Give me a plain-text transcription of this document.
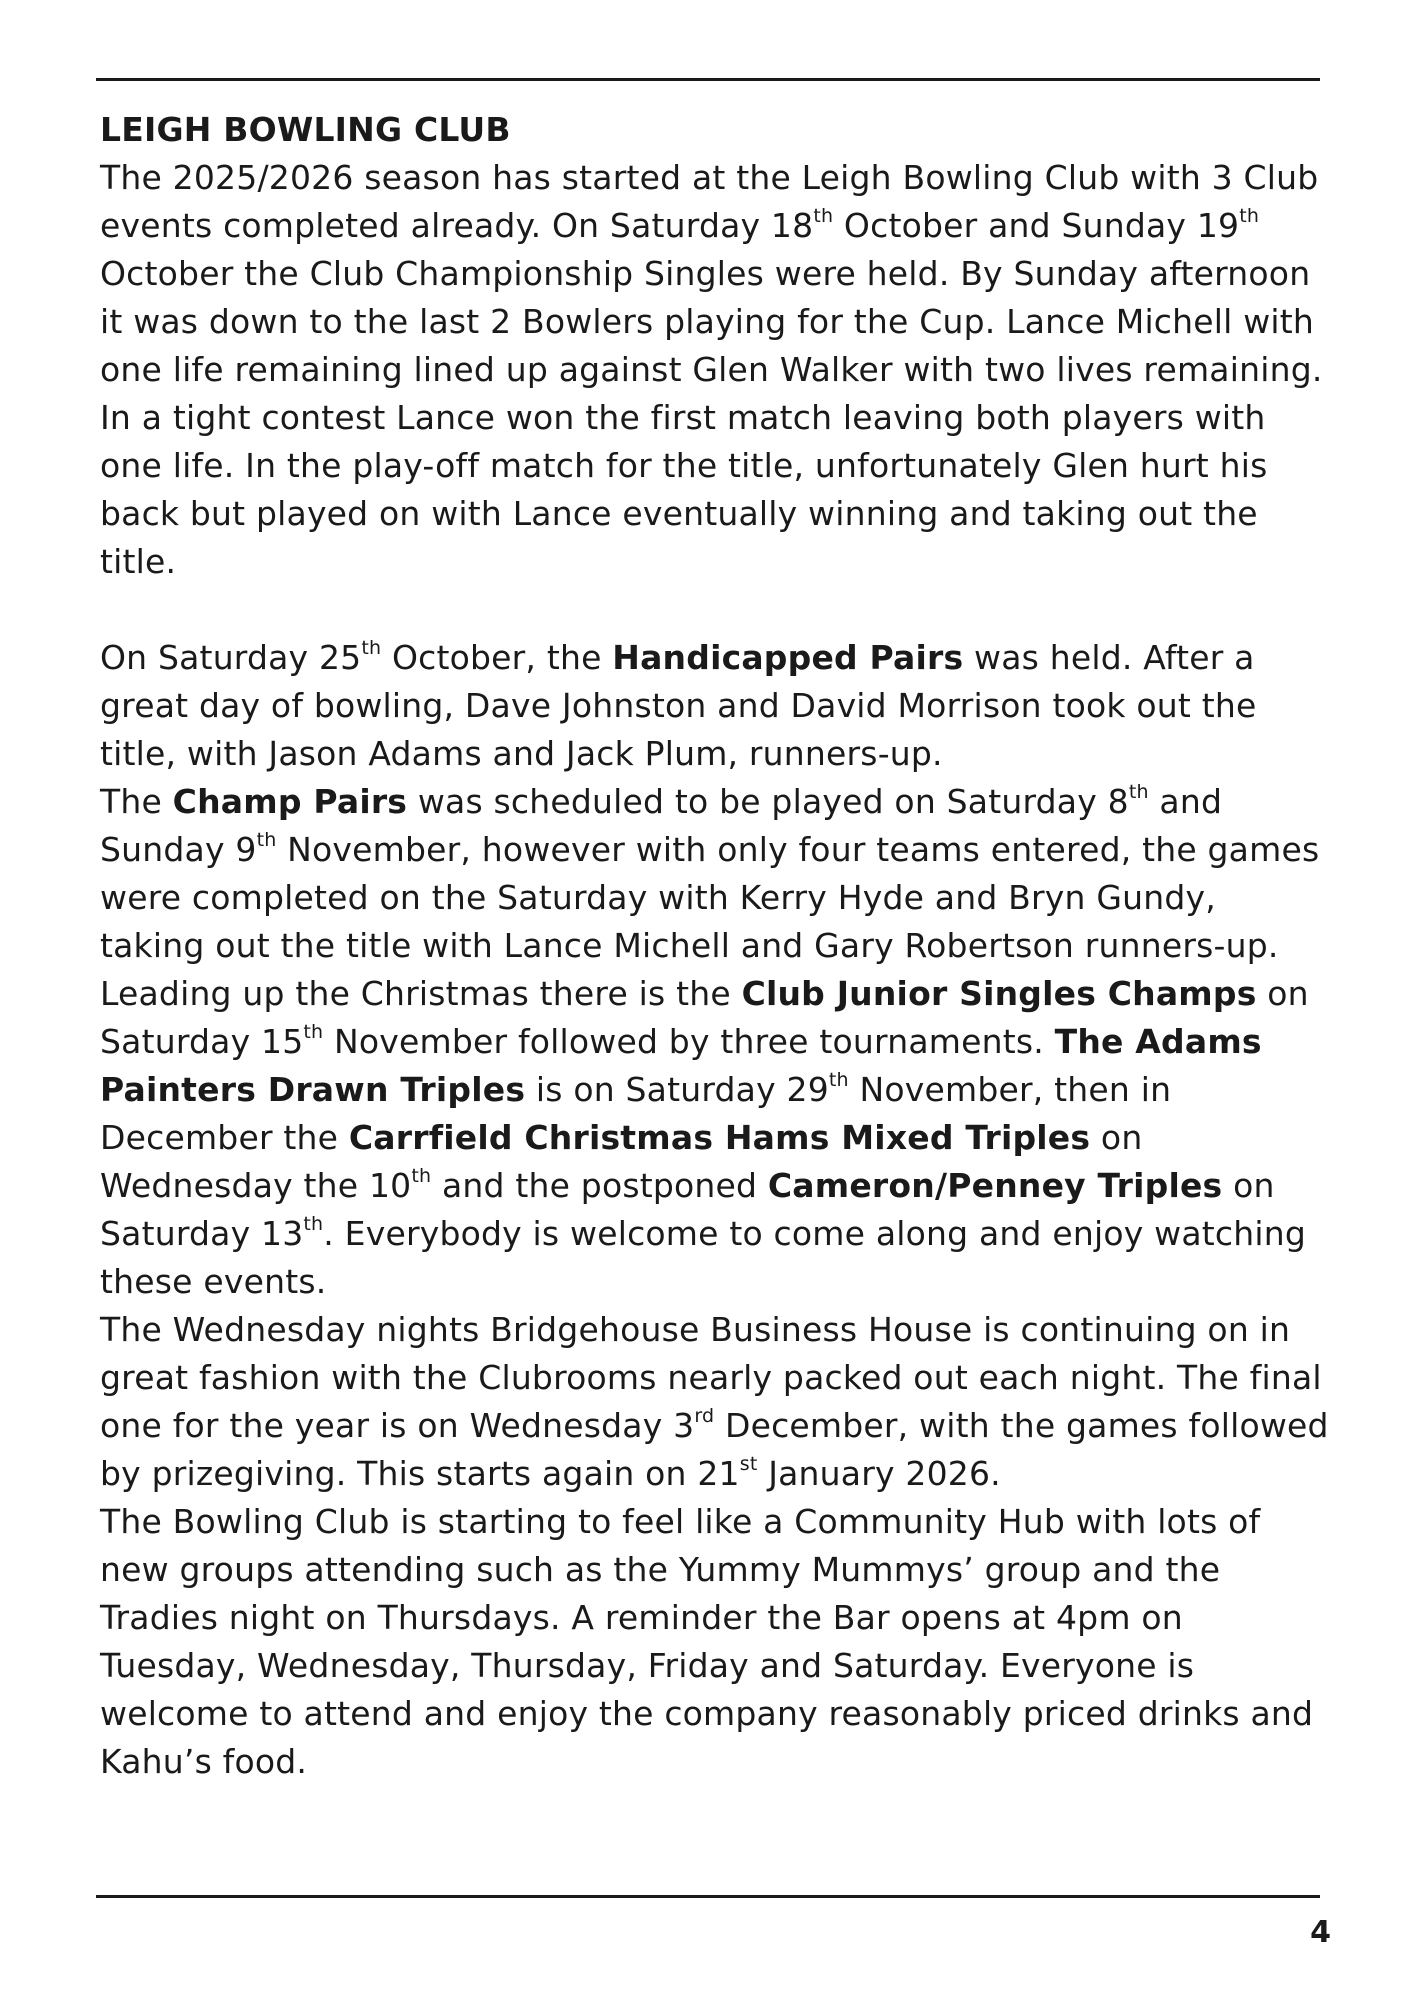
LEIGH BOWLING CLUB

The 2025/2026 season has started at the Leigh Bowling Club with 3 Club events completed already. On Saturday 18th October and Sunday 19th October the Club Championship Singles were held. By Sunday afternoon it was down to the last 2 Bowlers playing for the Cup. Lance Michell with one life remaining lined up against Glen Walker with two lives remaining. In a tight contest Lance won the first match leaving both players with one life. In the play-off match for the title, unfortunately Glen hurt his back but played on with Lance eventually winning and taking out the title.

On Saturday 25th October, the Handicapped Pairs was held. After a great day of bowling, Dave Johnston and David Morrison took out the title, with Jason Adams and Jack Plum, runners-up.

The Champ Pairs was scheduled to be played on Saturday 8th and Sunday 9th November, however with only four teams entered, the games were completed on the Saturday with Kerry Hyde and Bryn Gundy, taking out the title with Lance Michell and Gary Robertson runners-up.

Leading up the Christmas there is the Club Junior Singles Champs on Saturday 15th November followed by three tournaments. The Adams Painters Drawn Triples is on Saturday 29th November, then in December the Carrfield Christmas Hams Mixed Triples on Wednesday the 10th and the postponed Cameron/Penney Triples on Saturday 13th. Everybody is welcome to come along and enjoy watching these events.

The Wednesday nights Bridgehouse Business House is continuing on in great fashion with the Clubrooms nearly packed out each night. The final one for the year is on Wednesday 3rd December, with the games followed by prizegiving. This starts again on 21st January 2026.

The Bowling Club is starting to feel like a Community Hub with lots of new groups attending such as the Yummy Mummys’ group and the Tradies night on Thursdays. A reminder the Bar opens at 4pm on Tuesday, Wednesday, Thursday, Friday and Saturday. Everyone is welcome to attend and enjoy the company reasonably priced drinks and Kahu’s food.

4
